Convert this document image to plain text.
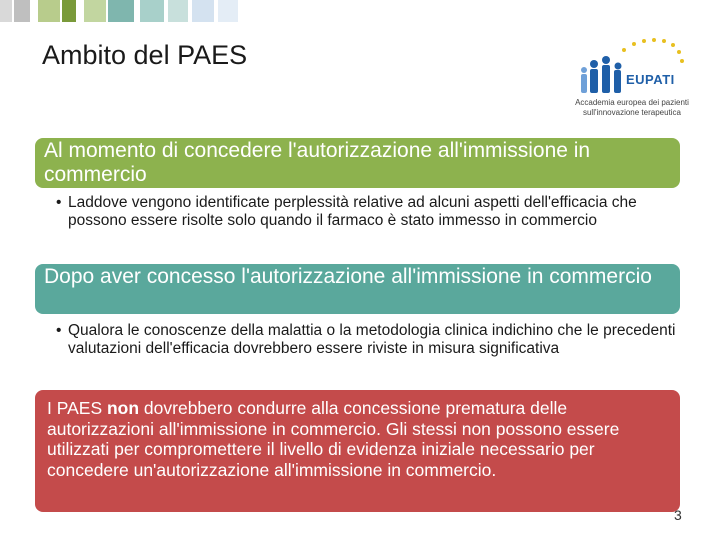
Ambito del PAES
EUPATI
Accademia europea dei pazienti
sull'innovazione terapeutica
Al momento di concedere l'autorizzazione all'immissione in commercio
• Laddove vengono identificate perplessità relative ad alcuni aspetti dell'efficacia che possono essere risolte solo quando il farmaco è stato immesso in commercio
Dopo aver concesso l'autorizzazione all'immissione in commercio
• Qualora le conoscenze della malattia o la metodologia clinica indichino che le precedenti valutazioni dell'efficacia dovrebbero essere riviste in misura significativa
I PAES non dovrebbero condurre alla concessione prematura delle autorizzazioni all'immissione in commercio. Gli stessi non possono essere utilizzati per compromettere il livello di evidenza iniziale necessario per concedere un'autorizzazione all'immissione in commercio.
3
